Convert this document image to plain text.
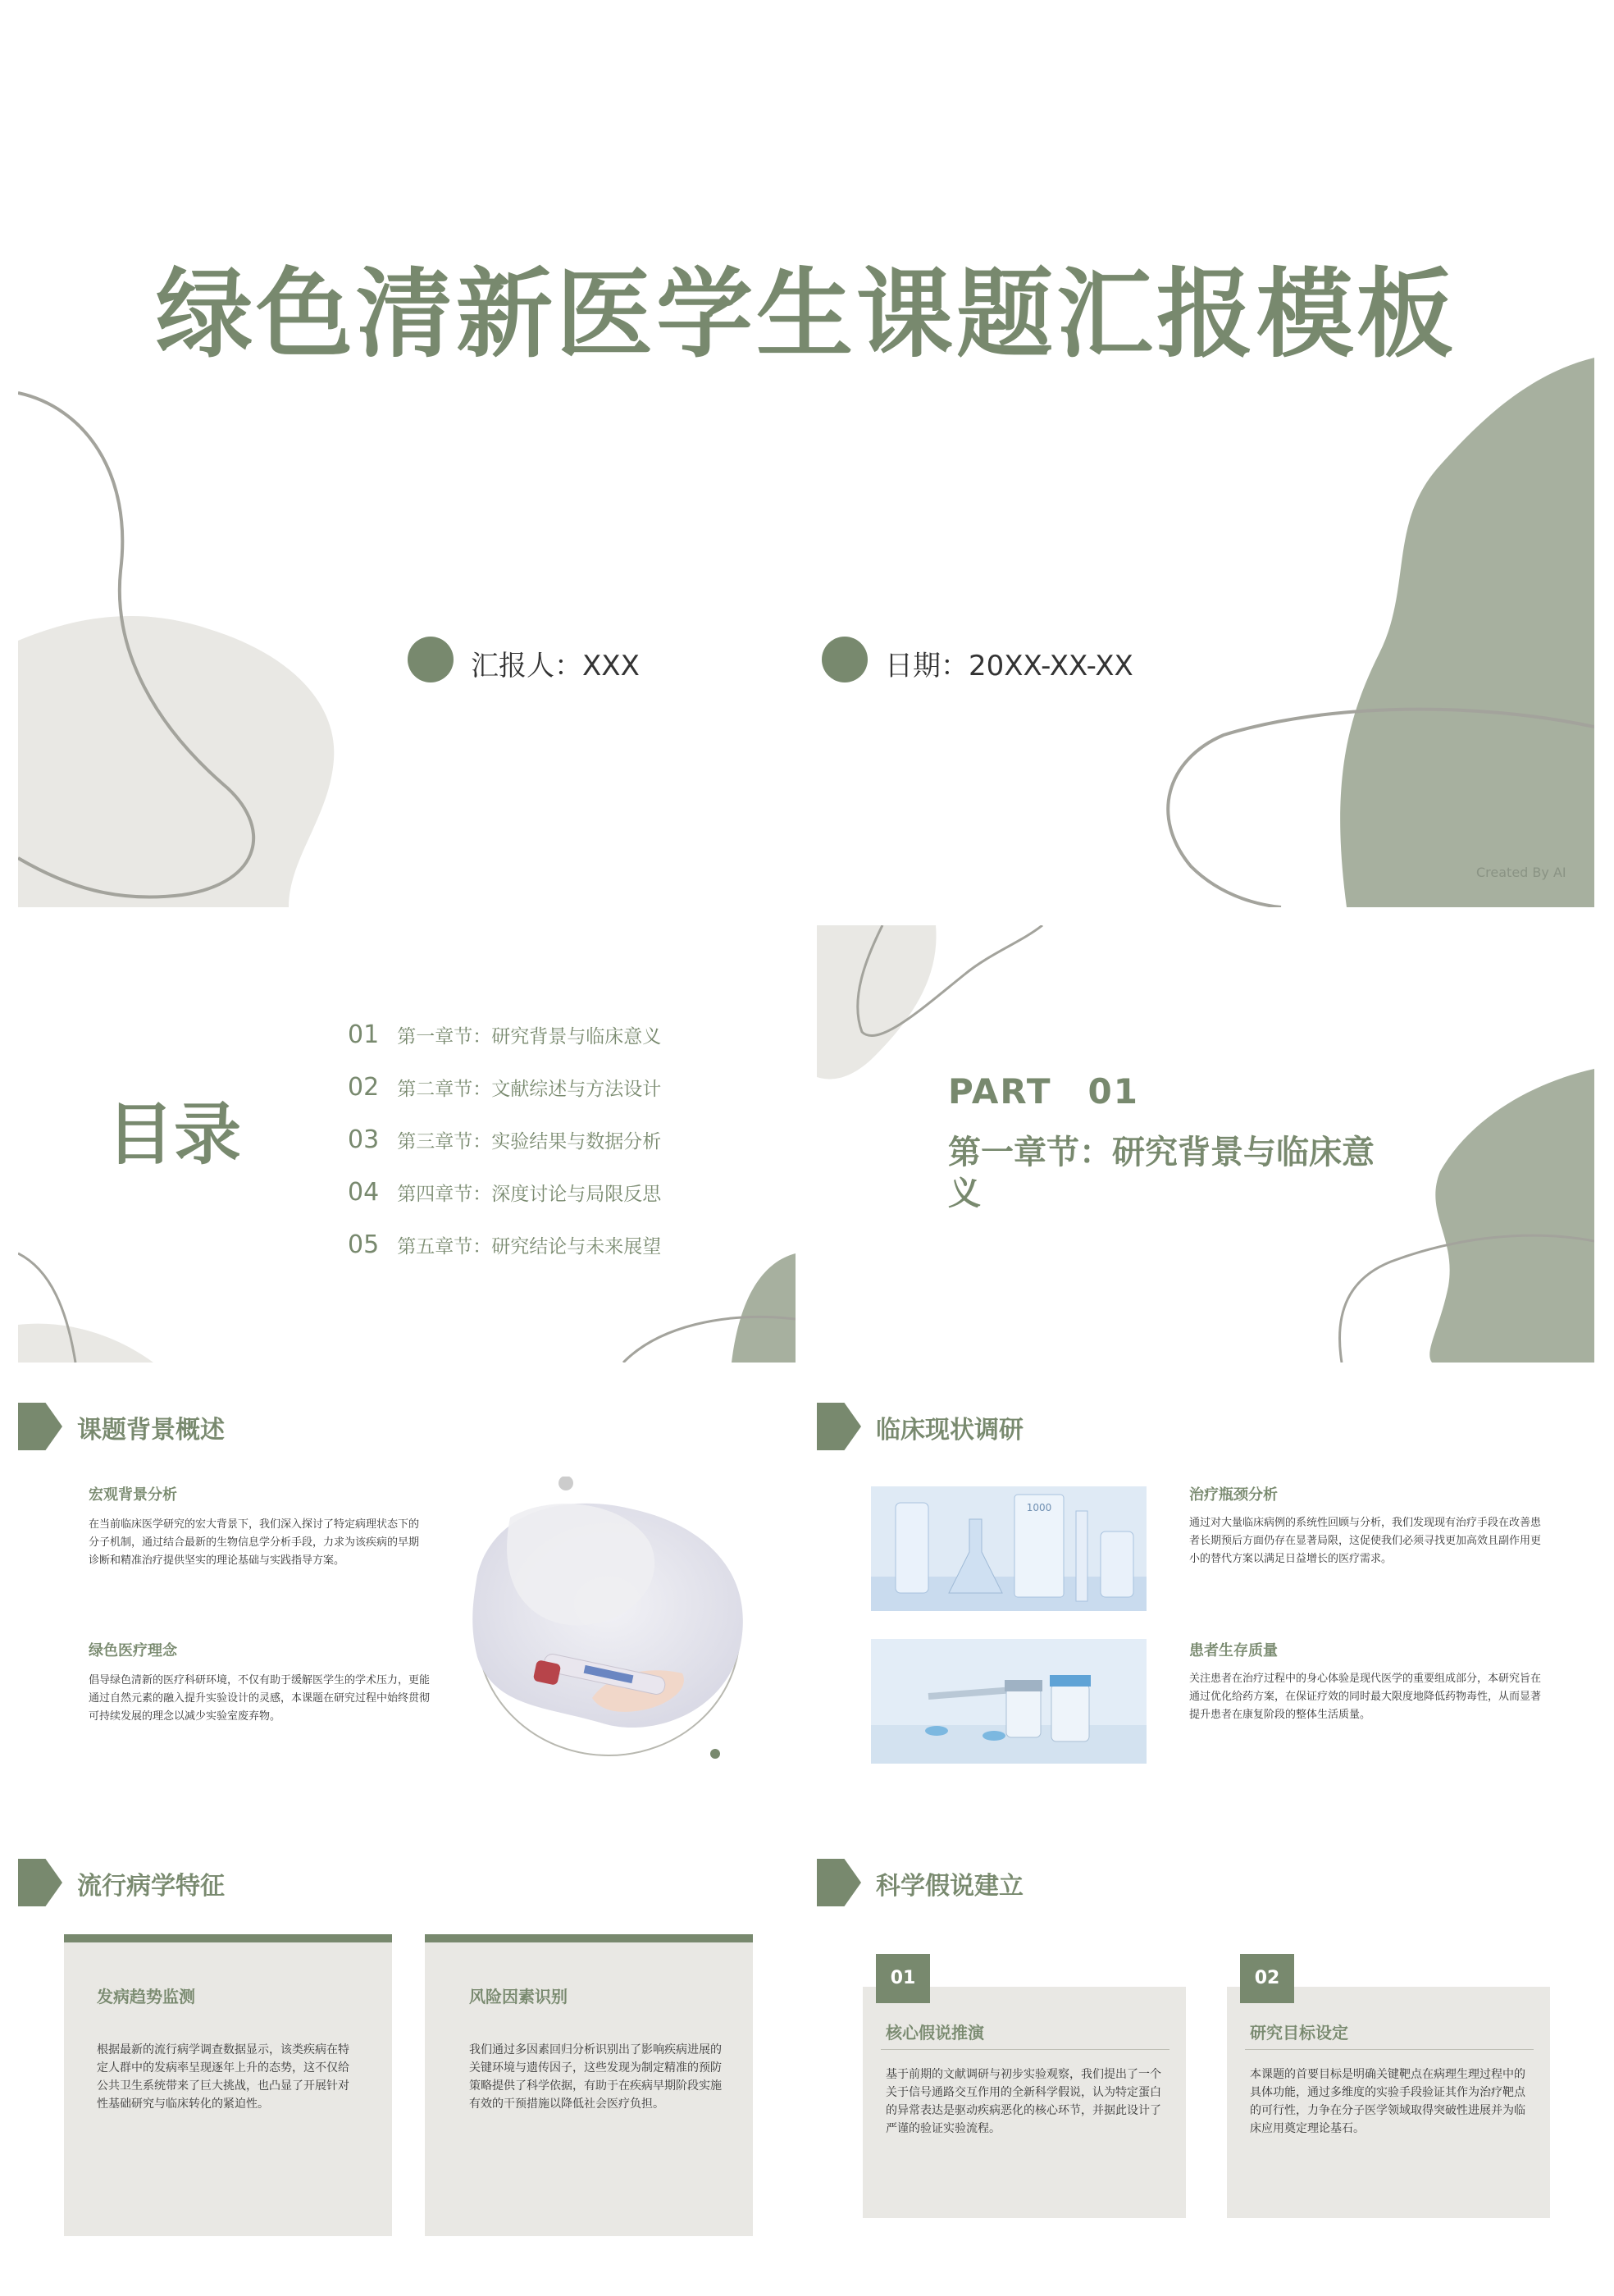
绿色清新医学生课题汇报模板
汇报人：XXX	日期：20XX-XX-XX
Created By AI
目录
01 第一章节：研究背景与临床意义
02 第二章节：文献综述与方法设计
03 第三章节：实验结果与数据分析
04 第四章节：深度讨论与局限反思
05 第五章节：研究结论与未来展望
PART　01
第一章节：研究背景与临床意义
课题背景概述
宏观背景分析
在当前临床医学研究的宏大背景下，我们深入探讨了特定病理状态下的分子机制，通过结合最新的生物信息学分析手段，力求为该疾病的早期诊断和精准治疗提供坚实的理论基础与实践指导方案。
绿色医疗理念
倡导绿色清新的医疗科研环境，不仅有助于缓解医学生的学术压力，更能通过自然元素的融入提升实验设计的灵感，本课题在研究过程中始终贯彻可持续发展的理念以减少实验室废弃物。
临床现状调研
1000
治疗瓶颈分析
通过对大量临床病例的系统性回顾与分析，我们发现现有治疗手段在改善患者长期预后方面仍存在显著局限，这促使我们必须寻找更加高效且副作用更小的替代方案以满足日益增长的医疗需求。
患者生存质量
关注患者在治疗过程中的身心体验是现代医学的重要组成部分，本研究旨在通过优化给药方案，在保证疗效的同时最大限度地降低药物毒性，从而显著提升患者在康复阶段的整体生活质量。
流行病学特征
发病趋势监测
根据最新的流行病学调查数据显示，该类疾病在特定人群中的发病率呈现逐年上升的态势，这不仅给公共卫生系统带来了巨大挑战，也凸显了开展针对性基础研究与临床转化的紧迫性。
风险因素识别
我们通过多因素回归分析识别出了影响疾病进展的关键环境与遗传因子，这些发现为制定精准的预防策略提供了科学依据，有助于在疾病早期阶段实施有效的干预措施以降低社会医疗负担。
科学假说建立
核心假说推演
基于前期的文献调研与初步实验观察，我们提出了一个关于信号通路交互作用的全新科学假说，认为特定蛋白的异常表达是驱动疾病恶化的核心环节，并据此设计了严谨的验证实验流程。
01
研究目标设定
本课题的首要目标是明确关键靶点在病理生理过程中的具体功能，通过多维度的实验手段验证其作为治疗靶点的可行性，力争在分子医学领域取得突破性进展并为临床应用奠定理论基石。
02
